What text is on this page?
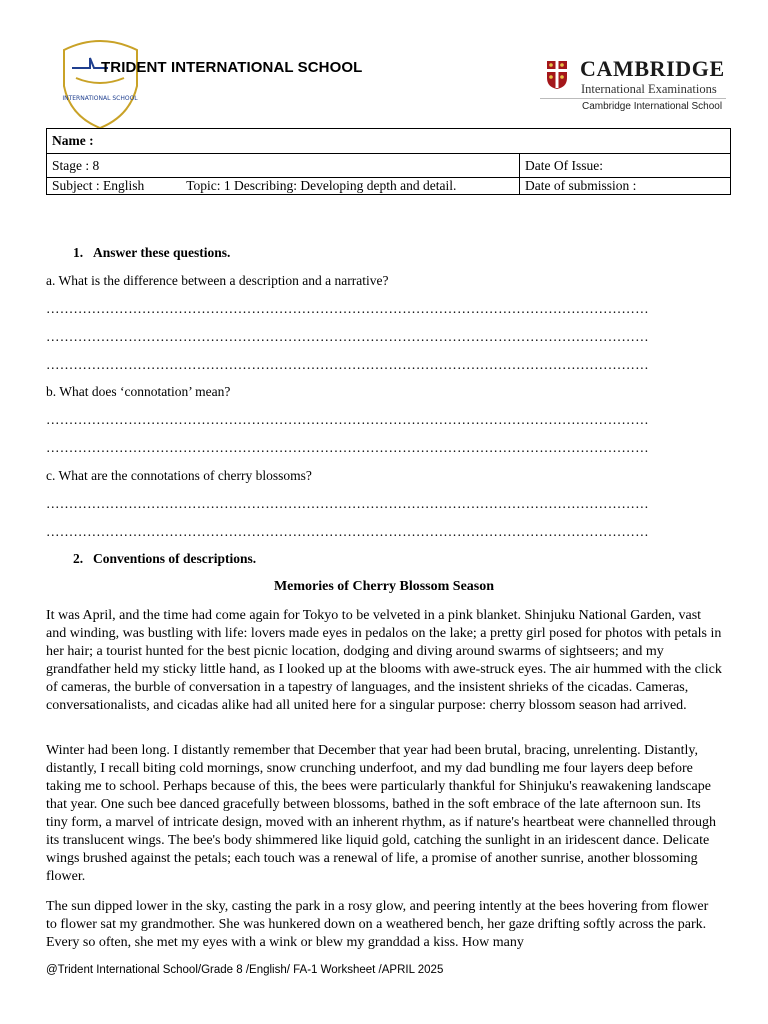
INTERNATIONAL SCHOOL
TRIDENT INTERNATIONAL SCHOOL	CAMBRIDGE
International Examinations
Cambridge International School
Name :	
Stage : 8	Date Of Issue:
Subject : English Topic: 1 Describing: Developing depth and detail.	Date of submission :
1. Answer these questions.
a. What is the difference between a description and a narrative?
……………………………………………………………………………………………………………………
……………………………………………………………………………………………………………………
……………………………………………………………………………………………………………………
b. What does ‘connotation’ mean?
……………………………………………………………………………………………………………………
……………………………………………………………………………………………………………………
c. What are the connotations of cherry blossoms?
……………………………………………………………………………………………………………………
……………………………………………………………………………………………………………………
2. Conventions of descriptions.
Memories of Cherry Blossom Season
It was April, and the time had come again for Tokyo to be velveted in a pink blanket. Shinjuku National Garden, vast and winding, was bustling with life: lovers made eyes in pedalos on the lake; a pretty girl posed for photos with petals in her hair; a tourist hunted for the best picnic location, dodging and diving around swarms of sightseers; and my grandfather held my sticky little hand, as I looked up at the blooms with awe-struck eyes. The air hummed with the click of cameras, the burble of conversation in a tapestry of languages, and the insistent shrieks of the cicadas. Cameras, conversationalists, and cicadas alike had all united here for a singular purpose: cherry blossom season had arrived.
Winter had been long. I distantly remember that December that year had been brutal, bracing, unrelenting. Distantly, distantly, I recall biting cold mornings, snow crunching underfoot, and my dad bundling me four layers deep before taking me to school. Perhaps because of this, the bees were particularly thankful for Shinjuku's reawakening landscape that year. One such bee danced gracefully between blossoms, bathed in the soft embrace of the late afternoon sun. Its tiny form, a marvel of intricate design, moved with an inherent rhythm, as if nature's heartbeat were channelled through its translucent wings. The bee's body shimmered like liquid gold, catching the sunlight in an iridescent dance. Delicate wings brushed against the petals; each touch was a renewal of life, a promise of another sunrise, another blossoming flower.
The sun dipped lower in the sky, casting the park in a rosy glow, and peering intently at the bees hovering from flower to flower sat my grandmother. She was hunkered down on a weathered bench, her gaze drifting softly across the park. Every so often, she met my eyes with a wink or blew my granddad a kiss. How many
@Trident International School/Grade 8 /English/ FA-1 Worksheet /APRIL 2025
